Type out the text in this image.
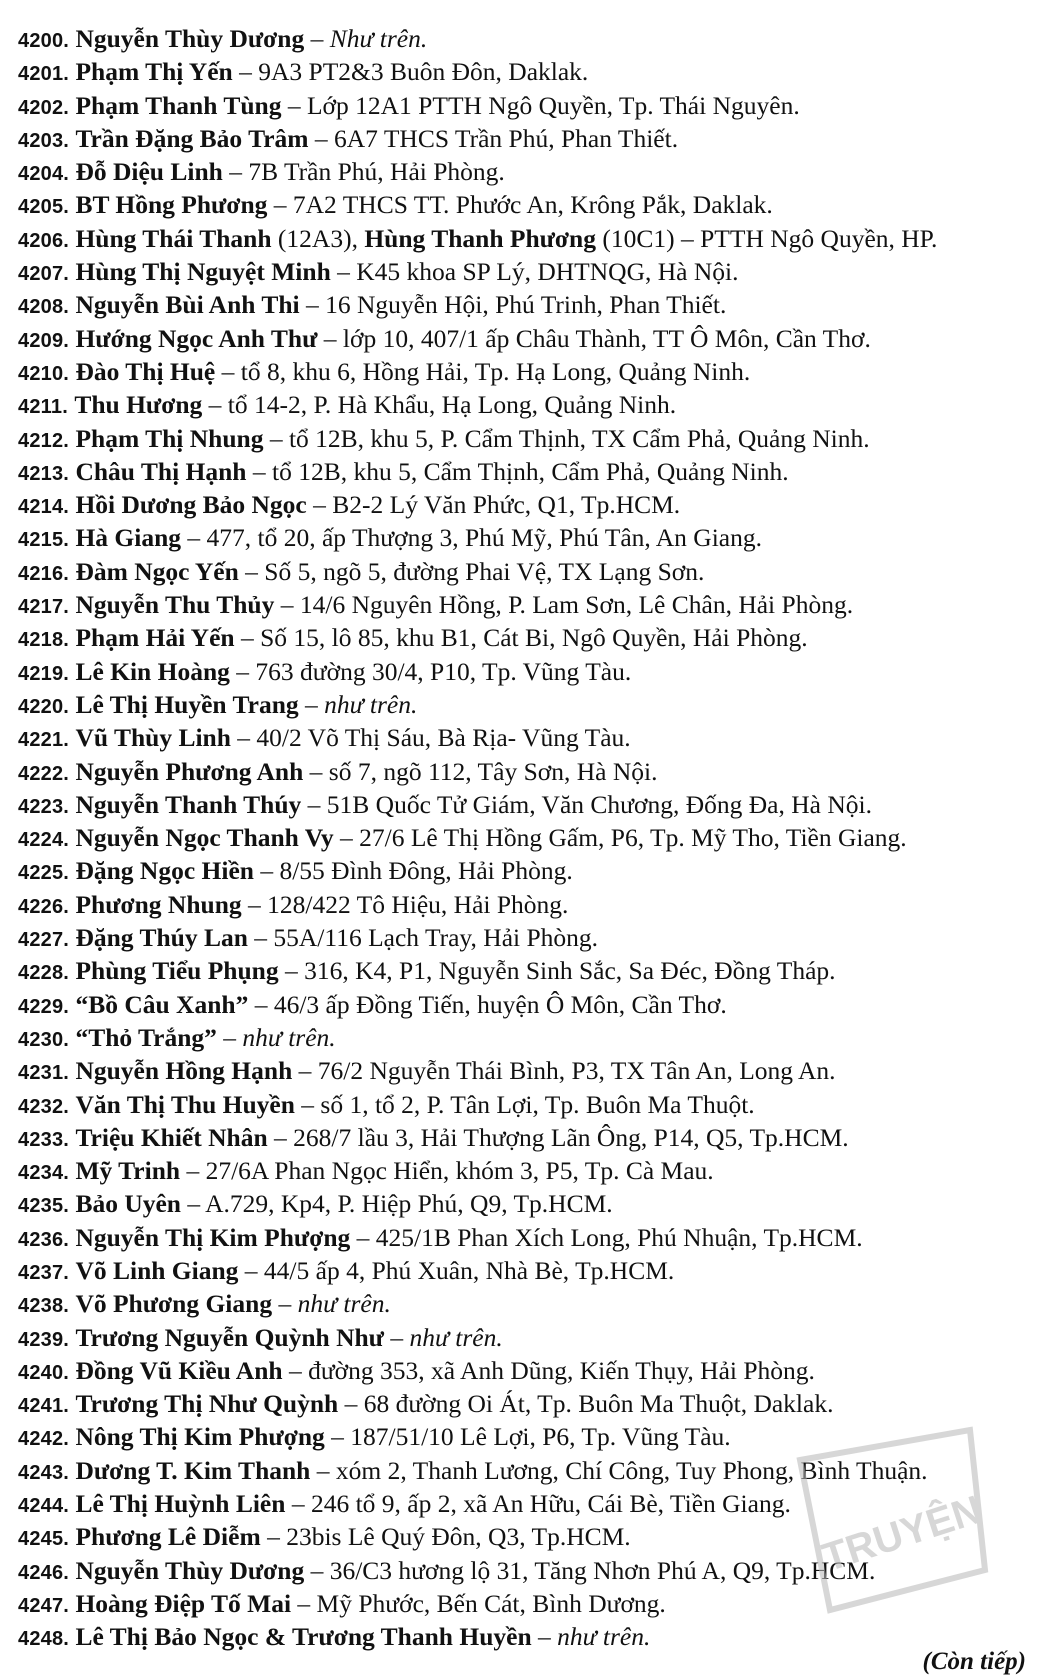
4200. Nguyễn Thùy Dương – Như trên.
4201. Phạm Thị Yến – 9A3 PT2&3 Buôn Đôn, Daklak.
4202. Phạm Thanh Tùng – Lớp 12A1 PTTH Ngô Quyền, Tp. Thái Nguyên.
4203. Trần Đặng Bảo Trâm – 6A7 THCS Trần Phú, Phan Thiết.
4204. Đỗ Diệu Linh – 7B Trần Phú, Hải Phòng.
4205. BT Hồng Phương – 7A2 THCS TT. Phước An, Krông Pắk, Daklak.
4206. Hùng Thái Thanh (12A3), Hùng Thanh Phương (10C1) – PTTH Ngô Quyền, HP.
4207. Hùng Thị Nguyệt Minh – K45 khoa SP Lý, DHTNQG, Hà Nội.
4208. Nguyễn Bùi Anh Thi – 16 Nguyễn Hội, Phú Trinh, Phan Thiết.
4209. Hướng Ngọc Anh Thư – lớp 10, 407/1 ấp Châu Thành, TT Ô Môn, Cần Thơ.
4210. Đào Thị Huệ – tổ 8, khu 6, Hồng Hải, Tp. Hạ Long, Quảng Ninh.
4211. Thu Hương – tổ 14-2, P. Hà Khẩu, Hạ Long, Quảng Ninh.
4212. Phạm Thị Nhung – tổ 12B, khu 5, P. Cẩm Thịnh, TX Cẩm Phả, Quảng Ninh.
4213. Châu Thị Hạnh – tổ 12B, khu 5, Cẩm Thịnh, Cẩm Phả, Quảng Ninh.
4214. Hồi Dương Bảo Ngọc – B2-2 Lý Văn Phức, Q1, Tp.HCM.
4215. Hà Giang – 477, tổ 20, ấp Thượng 3, Phú Mỹ, Phú Tân, An Giang.
4216. Đàm Ngọc Yến – Số 5, ngõ 5, đường Phai Vệ, TX Lạng Sơn.
4217. Nguyễn Thu Thủy – 14/6 Nguyên Hồng, P. Lam Sơn, Lê Chân, Hải Phòng.
4218. Phạm Hải Yến – Số 15, lô 85, khu B1, Cát Bi, Ngô Quyền, Hải Phòng.
4219. Lê Kin Hoàng – 763 đường 30/4, P10, Tp. Vũng Tàu.
4220. Lê Thị Huyền Trang – như trên.
4221. Vũ Thùy Linh – 40/2 Võ Thị Sáu, Bà Rịa- Vũng Tàu.
4222. Nguyễn Phương Anh – số 7, ngõ 112, Tây Sơn, Hà Nội.
4223. Nguyễn Thanh Thúy – 51B Quốc Tử Giám, Văn Chương, Đống Đa, Hà Nội.
4224. Nguyễn Ngọc Thanh Vy – 27/6 Lê Thị Hồng Gấm, P6, Tp. Mỹ Tho, Tiền Giang.
4225. Đặng Ngọc Hiền – 8/55 Đình Đông, Hải Phòng.
4226. Phương Nhung – 128/422 Tô Hiệu, Hải Phòng.
4227. Đặng Thúy Lan – 55A/116 Lạch Tray, Hải Phòng.
4228. Phùng Tiểu Phụng – 316, K4, P1, Nguyễn Sinh Sắc, Sa Đéc, Đồng Tháp.
4229. “Bồ Câu Xanh” – 46/3 ấp Đồng Tiến, huyện Ô Môn, Cần Thơ.
4230. “Thỏ Trắng” – như trên.
4231. Nguyễn Hồng Hạnh – 76/2 Nguyễn Thái Bình, P3, TX Tân An, Long An.
4232. Văn Thị Thu Huyền – số 1, tổ 2, P. Tân Lợi, Tp. Buôn Ma Thuột.
4233. Triệu Khiết Nhân – 268/7 lầu 3, Hải Thượng Lãn Ông, P14, Q5, Tp.HCM.
4234. Mỹ Trinh – 27/6A Phan Ngọc Hiển, khóm 3, P5, Tp. Cà Mau.
4235. Bảo Uyên – A.729, Kp4, P. Hiệp Phú, Q9, Tp.HCM.
4236. Nguyễn Thị Kim Phượng – 425/1B Phan Xích Long, Phú Nhuận, Tp.HCM.
4237. Võ Linh Giang – 44/5 ấp 4, Phú Xuân, Nhà Bè, Tp.HCM.
4238. Võ Phương Giang – như trên.
4239. Trương Nguyễn Quỳnh Như – như trên.
4240. Đồng Vũ Kiều Anh – đường 353, xã Anh Dũng, Kiến Thụy, Hải Phòng.
4241. Trương Thị Như Quỳnh – 68 đường Oi Át, Tp. Buôn Ma Thuột, Daklak.
4242. Nông Thị Kim Phượng – 187/51/10 Lê Lợi, P6, Tp. Vũng Tàu.
4243. Dương T. Kim Thanh – xóm 2, Thanh Lương, Chí Công, Tuy Phong, Bình Thuận.
4244. Lê Thị Huỳnh Liên – 246 tổ 9, ấp 2, xã An Hữu, Cái Bè, Tiền Giang.
4245. Phương Lê Diễm – 23bis Lê Quý Đôn, Q3, Tp.HCM.
4246. Nguyễn Thùy Dương – 36/C3 hương lộ 31, Tăng Nhơn Phú A, Q9, Tp.HCM.
4247. Hoàng Điệp Tố Mai – Mỹ Phước, Bến Cát, Bình Dương.
4248. Lê Thị Bảo Ngọc & Trương Thanh Huyền – như trên.
(Còn tiếp)
TRUYỆN
